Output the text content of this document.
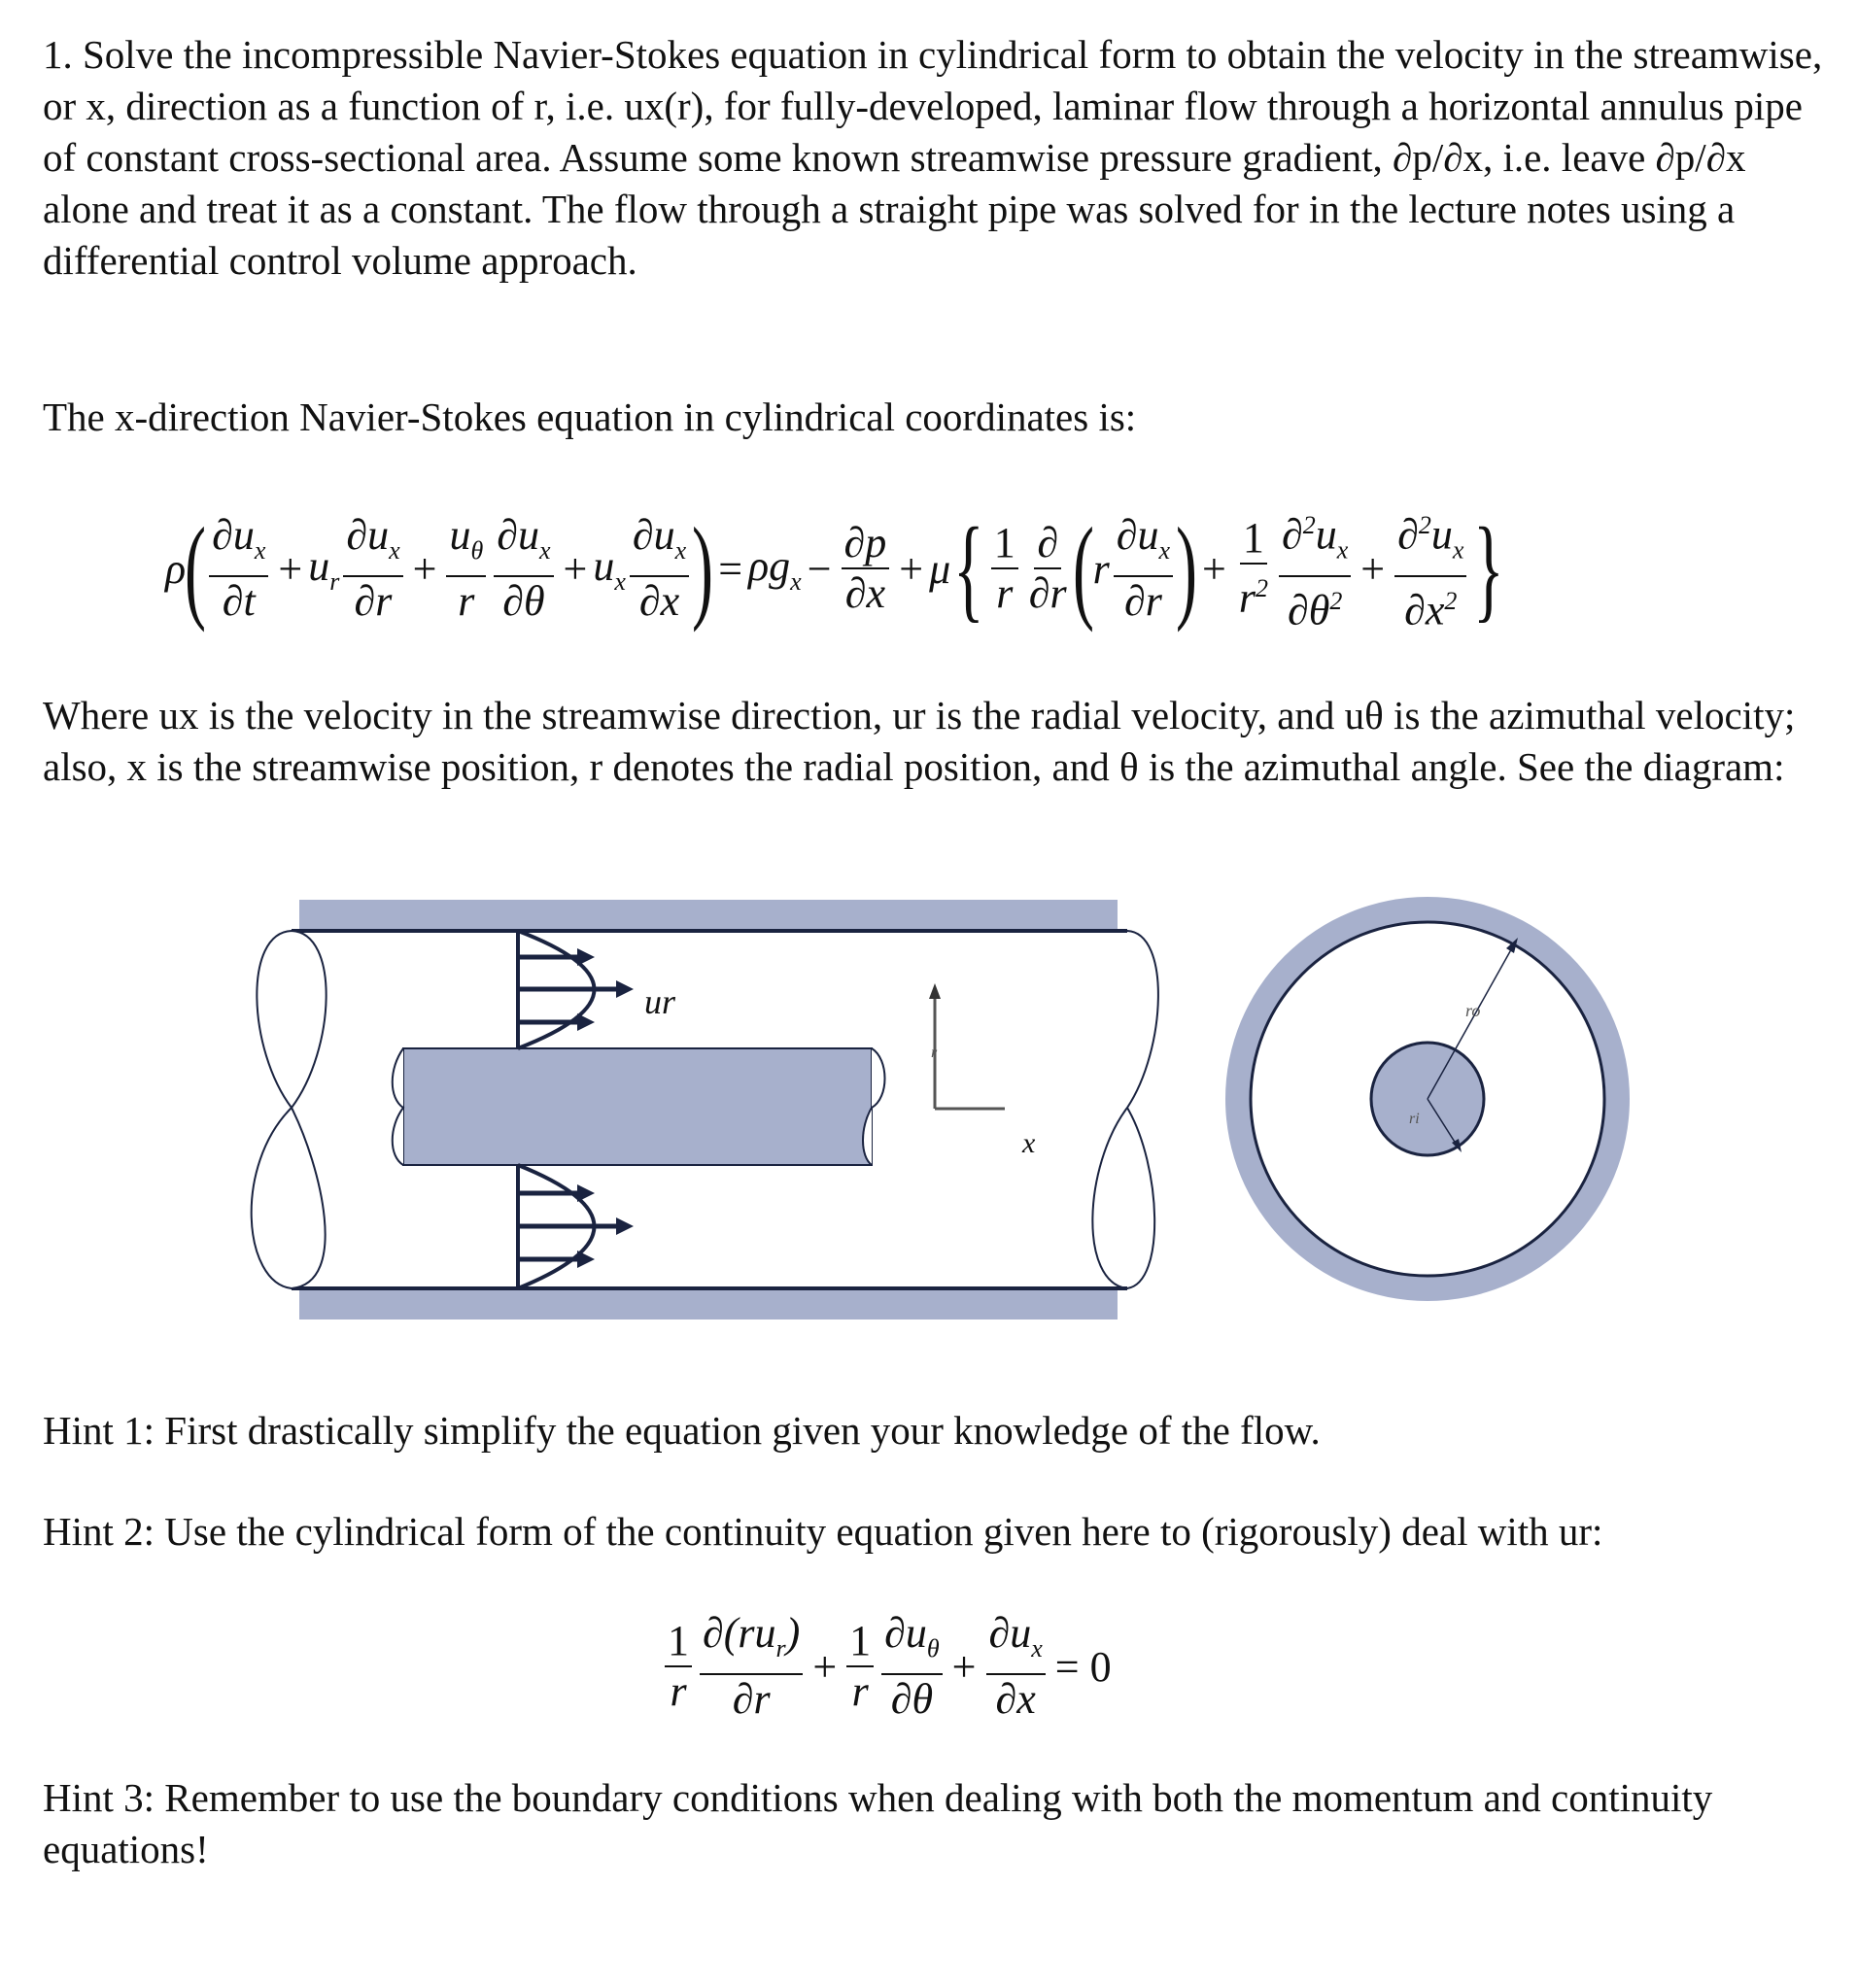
1. Solve the incompressible Navier-Stokes equation in cylindrical form to obtain the velocity in the streamwise, or x, direction as a function of r, i.e. ux(r), for fully-developed, laminar flow through a horizontal annulus pipe of constant cross-sectional area. Assume some known streamwise pressure gradient, ∂p/∂x, i.e. leave ∂p/∂x alone and treat it as a constant. The flow through a straight pipe was solved for in the lecture notes using a differential control volume approach.
The x-direction Navier-Stokes equation in cylindrical coordinates is:
ρ
( $\partial u_x$
∂t
+ $u_r$
$\partial u_x$
∂r
+ $\frac{u_\theta}{r} \partial u_x$
∂θ
+ $u_x$
$\partial u_x$
∂x ) = $\rho g_x - \frac{\partial p}{\partial x} + \mu$ { 1
r
∂
∂r (
r
$\partial u_x$
∂r ) + $\frac{1}{r^2} \partial^2u_x$
$\partial\theta^2$
+ $\frac{\partial^2u_x}{\partial x^2}$ }
Where ux is the velocity in the streamwise direction, ur is the radial velocity, and uθ is the azimuthal velocity; also, x is the streamwise position, r denotes the radial position, and θ is the azimuthal angle. See the diagram:
ur
r
x
ro
ri
Hint 1: First drastically simplify the equation given your knowledge of the flow.
Hint 2: Use the cylindrical form of the continuity equation given here to (rigorously) deal with ur:
1
r
$\partial(ru_r)$
∂r
+ $\frac{1}{r} \partial u_\theta$
∂θ
+ $\frac{\partial u_x}{\partial x} = 0$
Hint 3: Remember to use the boundary conditions when dealing with both the momentum and continuity equations!
